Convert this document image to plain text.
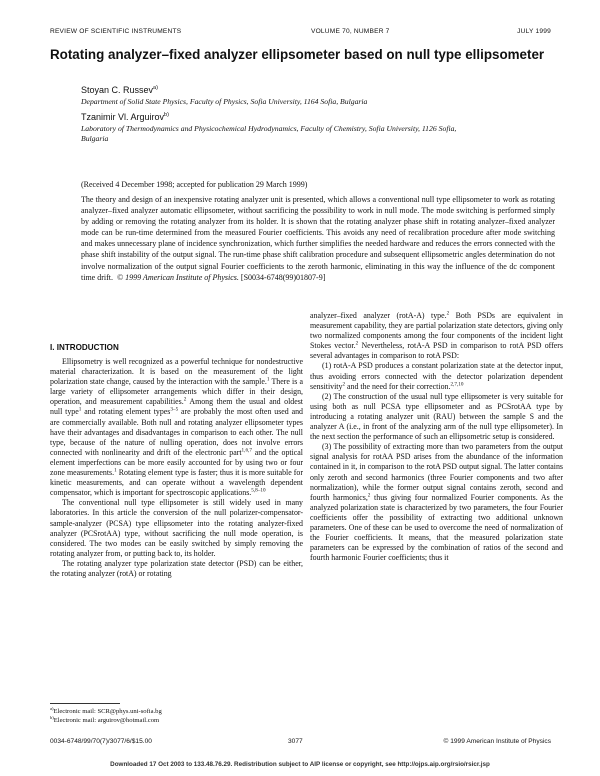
REVIEW OF SCIENTIFIC INSTRUMENTS	VOLUME 70, NUMBER 7	JULY 1999
Rotating analyzer–fixed analyzer ellipsometer based on null type ellipsometer
Stoyan C. Russev$^{a)}$
Department of Solid State Physics, Faculty of Physics, Sofia University, 1164 Sofia, Bulgaria
Tzanimir Vl. Arguirov$^{b)}$
Laboratory of Thermodynamics and Physicochemical Hydrodynamics, Faculty of Chemistry, Sofia University, 1126 Sofia, Bulgaria
(Received 4 December 1998; accepted for publication 29 March 1999)
The theory and design of an inexpensive rotating analyzer unit is presented, which allows a conventional null type ellipsometer to work as rotating analyzer–fixed analyzer automatic ellipsometer, without sacrificing the possibility to work in null mode. The mode switching is performed simply by adding or removing the rotating analyzer from its holder. It is shown that the rotating analyzer phase shift in rotating analyzer–fixed analyzer mode can be run-time determined from the measured Fourier coefficients. This avoids any need of recalibration procedure after mode switching and makes unnecessary plane of incidence synchronization, which further simplifies the needed hardware and reduces the errors connected with the phase shift instability of the output signal. The run-time phase shift calibration procedure and subsequent ellipsometric angles determination do not involve normalization of the output signal Fourier coefficients to the zeroth harmonic, eliminating in this way the influence of the dc component time drift. © 1999 American Institute of Physics. [S0034-6748(99)01807-9]
I. INTRODUCTION

Ellipsometry is well recognized as a powerful technique for nondestructive material characterization. It is based on the measurement of the light polarization state change, caused by the interaction with the sample.$^1$ There is a large variety of ellipsometer arrangements which differ in their design, operation, and measurement capabilities.$^2$ Among them the usual and oldest null type$^1$ and rotating element types$^{3-5}$ are probably the most often used and are commercially available. Both null and rotating analyzer ellipsometer types have their advantages and disadvantages in comparison to each other. The null type, because of the nature of nulling operation, does not involve errors connected with nonlinearity and drift of the electronic part$^{1,6,7}$ and the optical element imperfections can be more easily accounted for by using two or four zone measurements.$^1$ Rotating element type is faster; thus it is more suitable for kinetic measurements, and can operate without a wavelength dependent compensator, which is important for spectroscopic applications.$^{5,8-10}$

The conventional null type ellipsometer is still widely used in many laboratories. In this article the conversion of the null polarizer-compensator-sample-analyzer (PCSA) type ellipsometer into the rotating analyzer-fixed analyzer (PCSrotAA) type, without sacrificing the null mode operation, is considered. The two modes can be easily switched by simply removing the rotating analyzer from, or putting back to, its holder.

The rotating analyzer type polarization state detector (PSD) can be either, the rotating analyzer (rotA) or rotating

analyzer–fixed analyzer (rotA-A) type.$^2$ Both PSDs are equivalent in measurement capability, they are partial polarization state detectors, giving only two normalized components among the four components of the incident light Stokes vector.$^2$ Nevertheless, rotA-A PSD in comparison to rotA PSD offers several advantages in comparison to rotA PSD:

(1) rotA-A PSD produces a constant polarization state at the detector input, thus avoiding errors connected with the detector polarization dependent sensitivity$^2$ and the need for their correction.$^{2,7,10}$

(2) The construction of the usual null type ellipsometer is very suitable for using both as null PCSA type ellipsometer and as PCSrotAA type by introducing a rotating analyzer unit (RAU) between the sample S and the analyzer A (i.e., in front of the analyzing arm of the null type ellipsometer). In the next section the performance of such an ellipsometric setup is considered.

(3) The possibility of extracting more than two parameters from the output signal analysis for rotAA PSD arises from the abundance of the information contained in it, in comparison to the rotA PSD output signal. The latter contains only zeroth and second harmonics (three Fourier components and two after normalization), while the former output signal contains zeroth, second and fourth harmonics,$^2$ thus giving four normalized Fourier components. As the analyzed polarization state is characterized by two parameters, the four Fourier coefficients offer the possibility of extracting two additional unknown parameters. One of these can be used to overcome the need of normalization of the Fourier coefficients. It means, that the measured polarization state parameters can be expressed by the combination of ratios of the second and fourth harmonic Fourier coefficients; thus it

$^{a)}$Electronic mail: SCR@phys.uni-sofia.bg
$^{b)}$Electronic mail: arguirov@hotmail.com
0034-6748/99/70(7)/3077/6/$15.00	3077	© 1999 American Institute of Physics
Downloaded 17 Oct 2003 to 133.48.76.29. Redistribution subject to AIP license or copyright, see http://ojps.aip.org/rsio/rsicr.jsp
